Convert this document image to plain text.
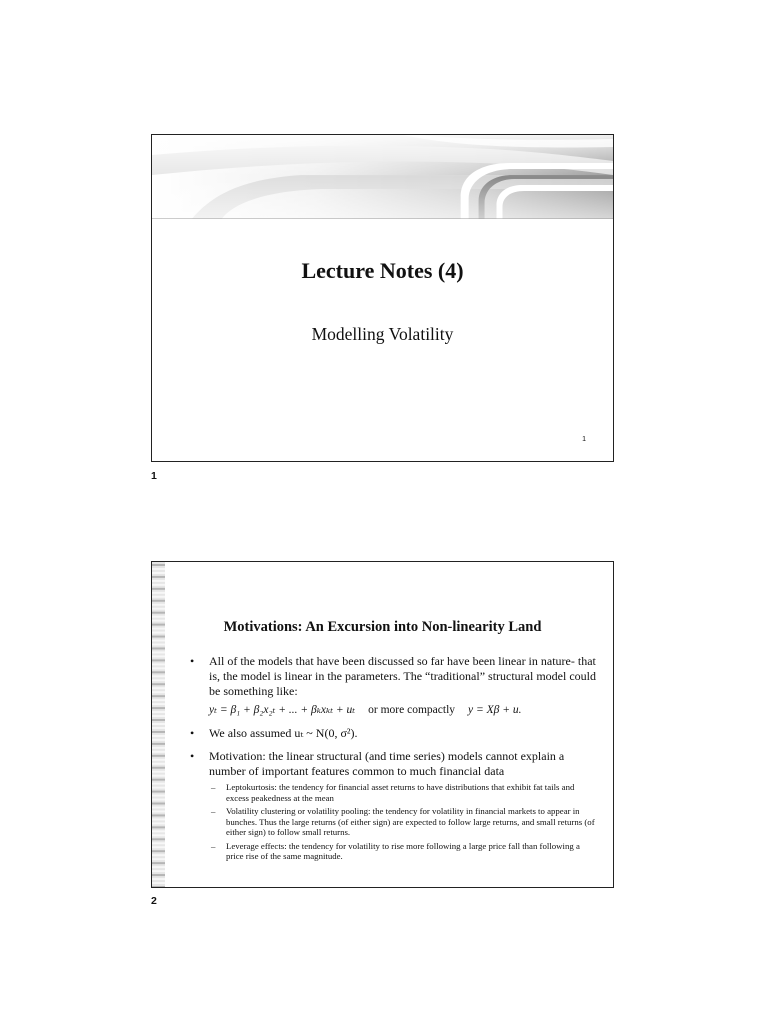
Lecture Notes (4)
Modelling Volatility
1
1
Motivations: An Excursion into Non-linearity Land
• All of the models that have been discussed so far have been linear in nature- that is, the model is linear in the parameters. The “traditional” structural model could be something like:
yₜ = β₁ + β₂x₂ₜ + ... + βₖxₖₜ + uₜ or more compactly y = Xβ + u.
• We also assumed uₜ ~ N(0, σ²).
• Motivation: the linear structural (and time series) models cannot explain a number of important features common to much financial data
– Leptokurtosis: the tendency for financial asset returns to have distributions that exhibit fat tails and excess peakedness at the mean
– Volatility clustering or volatility pooling: the tendency for volatility in financial markets to appear in bunches. Thus the large returns (of either sign) are expected to follow large returns, and small returns (of either sign) to follow small returns.
– Leverage effects: the tendency for volatility to rise more following a large price fall than following a price rise of the same magnitude.
2
